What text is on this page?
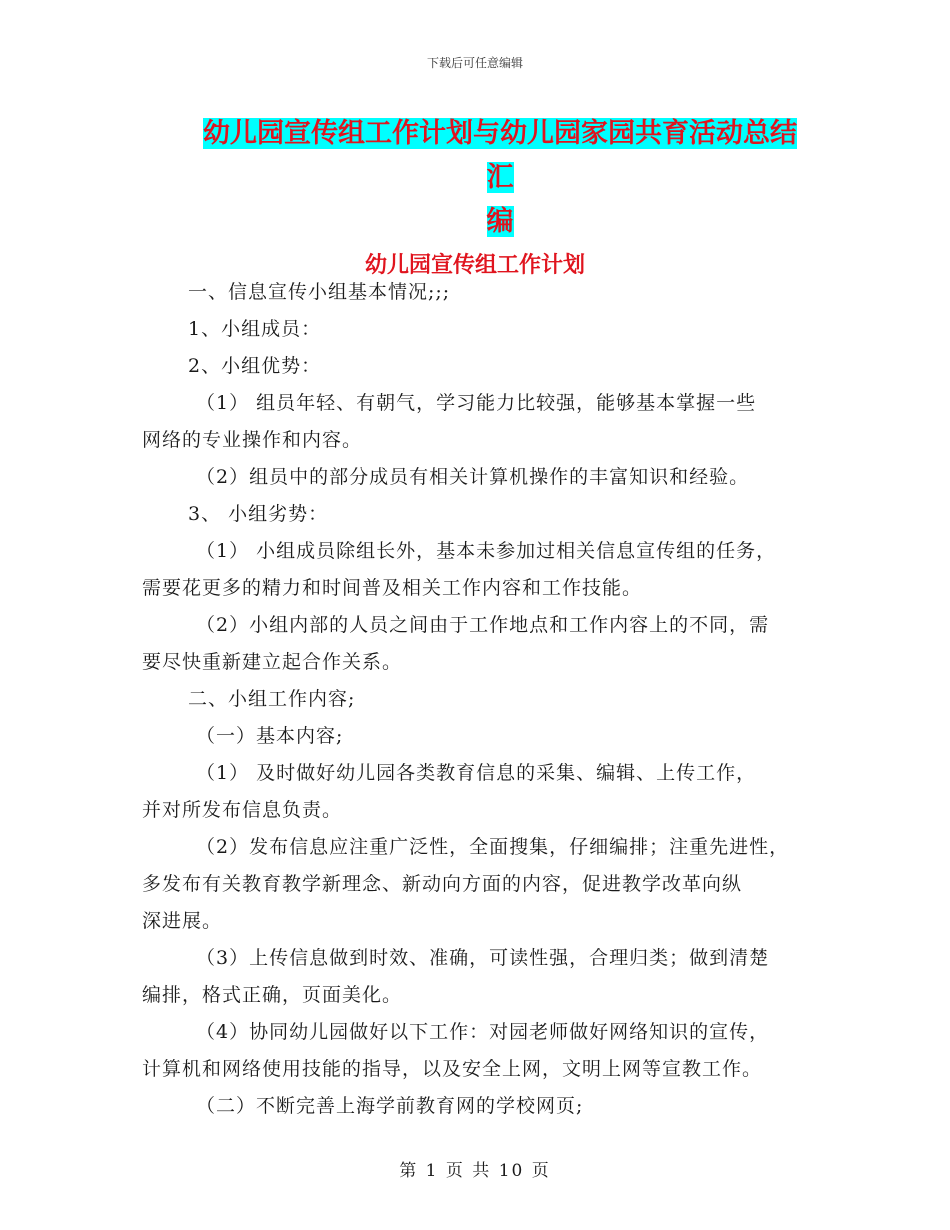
下载后可任意编辑
幼儿园宣传组工作计划与幼儿园家园共育活动总结汇
编
幼儿园宣传组工作计划

一、信息宣传小组基本情况;;;

1、小组成员：

2、小组优势：

（1） 组员年轻、有朝气，学习能力比较强，能够基本掌握一些

网络的专业操作和内容。

（2）组员中的部分成员有相关计算机操作的丰富知识和经验。

3、 小组劣势：

（1） 小组成员除组长外，基本未参加过相关信息宣传组的任务，

需要花更多的精力和时间普及相关工作内容和工作技能。

（2）小组内部的人员之间由于工作地点和工作内容上的不同，需

要尽快重新建立起合作关系。

二、小组工作内容;

（一）基本内容;

（1） 及时做好幼儿园各类教育信息的采集、编辑、上传工作，

并对所发布信息负责。

（2）发布信息应注重广泛性，全面搜集，仔细编排；注重先进性，

多发布有关教育教学新理念、新动向方面的内容，促进教学改革向纵

深进展。

（3）上传信息做到时效、准确，可读性强，合理归类；做到清楚

编排，格式正确，页面美化。

（4）协同幼儿园做好以下工作：对园老师做好网络知识的宣传，

计算机和网络使用技能的指导，以及安全上网，文明上网等宣教工作。

（二）不断完善上海学前教育网的学校网页;

第 1 页 共 10 页
